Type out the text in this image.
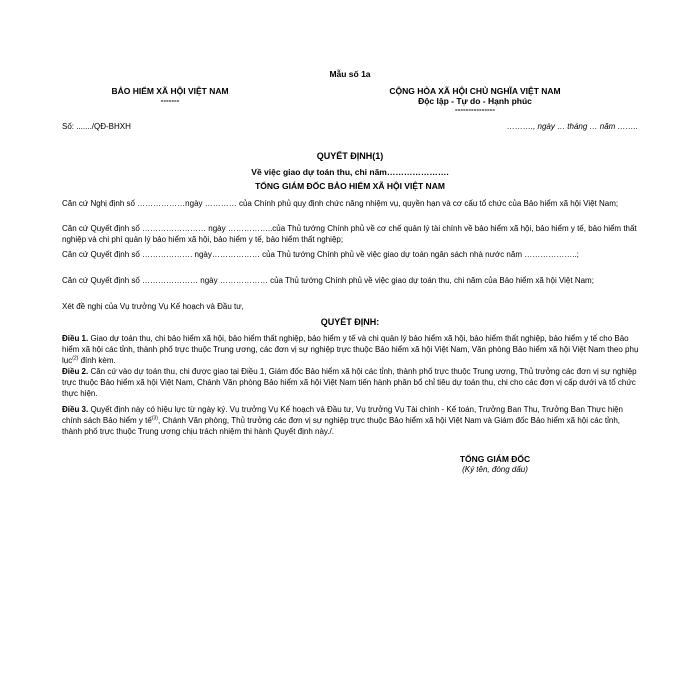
Mẫu số 1a
BẢO HIỂM XÃ HỘI VIỆT NAM
-------
Số: ......./QĐ-BHXH
CỘNG HÒA XÃ HỘI CHỦ NGHĨA VIỆT NAM
Độc lập - Tự do - Hạnh phúc
---------------
………., ngày … tháng … năm ……..
QUYẾT ĐỊNH(1)
Về việc giao dự toán thu, chi năm………………….
TỔNG GIÁM ĐỐC BẢO HIỂM XÃ HỘI VIỆT NAM
Căn cứ Nghị định số ………………ngày ………… của Chính phủ quy định chức năng nhiệm vụ, quyền hạn và cơ cấu tổ chức của Bảo hiểm xã hội Việt Nam;
Căn cứ Quyết định số …………………… ngày ……………..của Thủ tướng Chính phủ về cơ chế quản lý tài chính về bảo hiểm xã hội, bảo hiểm y tế, bảo hiểm thất nghiệp và chi phí quản lý bảo hiểm xã hội, bảo hiểm y tế, bảo hiểm thất nghiệp;
Căn cứ Quyết định số ………………. ngày……………… của Thủ tướng Chính phủ về việc giao dự toán ngân sách nhà nước năm ………………..;
Căn cứ Quyết định số ………………… ngày ……………… của Thủ tướng Chính phủ về việc giao dự toán thu, chi năm của Bảo hiểm xã hội Việt Nam;
Xét đề nghị của Vụ trưởng Vụ Kế hoạch và Đầu tư,
QUYẾT ĐỊNH:
Điều 1. Giao dự toán thu, chi bảo hiểm xã hội, bảo hiểm thất nghiệp, bảo hiểm y tế và chi quản lý bảo hiểm xã hội, bảo hiểm thất nghiệp, bảo hiểm y tế cho Bảo hiểm xã hội các tỉnh, thành phố trực thuộc Trung ương, các đơn vị sự nghiệp trực thuộc Bảo hiểm xã hội Việt Nam, Văn phòng Bảo hiểm xã hội Việt Nam theo phụ lục$^{(2)}$ đính kèm.
Điều 2. Căn cứ vào dự toán thu, chi được giao tại Điều 1, Giám đốc Bảo hiểm xã hội các tỉnh, thành phố trực thuộc Trung ương, Thủ trưởng các đơn vị sự nghiệp trực thuộc Bảo hiểm xã hội Việt Nam, Chánh Văn phòng Bảo hiểm xã hội Việt Nam tiến hành phân bổ chỉ tiêu dự toán thu, chi cho các đơn vị cấp dưới và tổ chức thực hiện.
Điều 3. Quyết định này có hiệu lực từ ngày ký. Vụ trưởng Vụ Kế hoạch và Đầu tư, Vụ trưởng Vụ Tài chính - Kế toán, Trưởng Ban Thu, Trưởng Ban Thực hiện chính sách Bảo hiểm y tế$^{(3)}$, Chánh Văn phòng, Thủ trưởng các đơn vị sự nghiệp trực thuộc Bảo hiểm xã hội Việt Nam và Giám đốc Bảo hiểm xã hội các tỉnh, thành phố trực thuộc Trung ương chịu trách nhiệm thi hành Quyết định này./.
TỔNG GIÁM ĐỐC
(Ký tên, đóng dấu)
